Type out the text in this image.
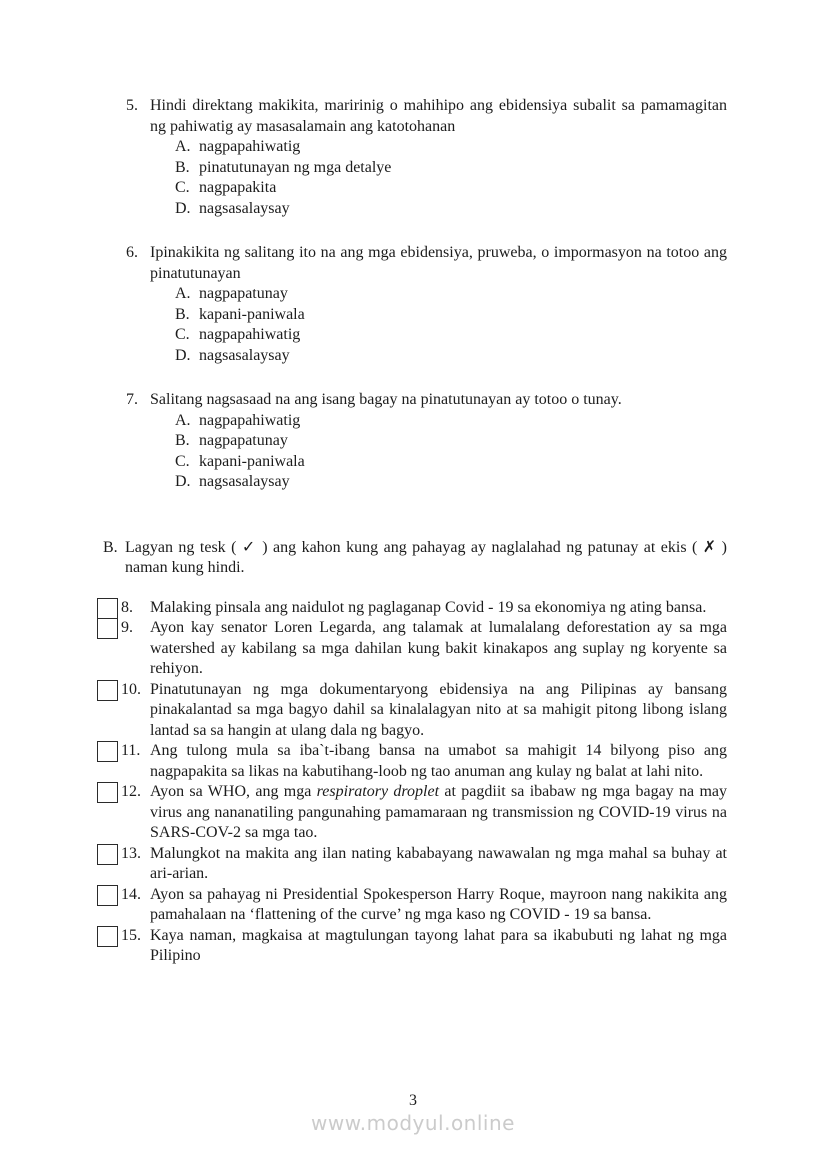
5. Hindi direktang makikita, maririnig o mahihipo ang ebidensiya subalit sa pamamagitan ng pahiwatig ay masasalamain ang katotohanan
A. nagpapahiwatig
B. pinatutunayan ng mga detalye
C. nagpapakita
D. nagsasalaysay
6. Ipinakikita ng salitang ito na ang mga ebidensiya, pruweba, o impormasyon na totoo ang pinatutunayan
A. nagpapatunay
B. kapani-paniwala
C. nagpapahiwatig
D. nagsasalaysay
7. Salitang nagsasaad na ang isang bagay na pinatutunayan ay totoo o tunay.
A. nagpapahiwatig
B. nagpapatunay
C. kapani-paniwala
D. nagsasalaysay
B. Lagyan ng tesk ( ✓ ) ang kahon kung ang pahayag ay naglalahad ng patunay at ekis ( ✗ ) naman kung hindi.
8. Malaking pinsala ang naidulot ng paglaganap Covid - 19 sa ekonomiya ng ating bansa.
9. Ayon kay senator Loren Legarda, ang talamak at lumalalang deforestation ay sa mga watershed ay kabilang sa mga dahilan kung bakit kinakapos ang suplay ng koryente sa rehiyon.
10. Pinatutunayan ng mga dokumentaryong ebidensiya na ang Pilipinas ay bansang pinakalantad sa mga bagyo dahil sa kinalalagyan nito at sa mahigit pitong libong islang lantad sa sa hangin at ulang dala ng bagyo.
11. Ang tulong mula sa iba`t-ibang bansa na umabot sa mahigit 14 bilyong piso ang nagpapakita sa likas na kabutihang-loob ng tao anuman ang kulay ng balat at lahi nito.
12. Ayon sa WHO, ang mga respiratory droplet at pagdiit sa ibabaw ng mga bagay na may virus ang nananatiling pangunahing pamamaraan ng transmission ng COVID-19 virus na SARS-COV-2 sa mga tao.
13. Malungkot na makita ang ilan nating kababayang nawawalan ng mga mahal sa buhay at ari-arian.
14. Ayon sa pahayag ni Presidential Spokesperson Harry Roque, mayroon nang nakikita ang pamahalaan na ‘flattening of the curve’ ng mga kaso ng COVID - 19 sa bansa.
15. Kaya naman, magkaisa at magtulungan tayong lahat para sa ikabubuti ng lahat ng mga Pilipino
3
www.modyul.online
